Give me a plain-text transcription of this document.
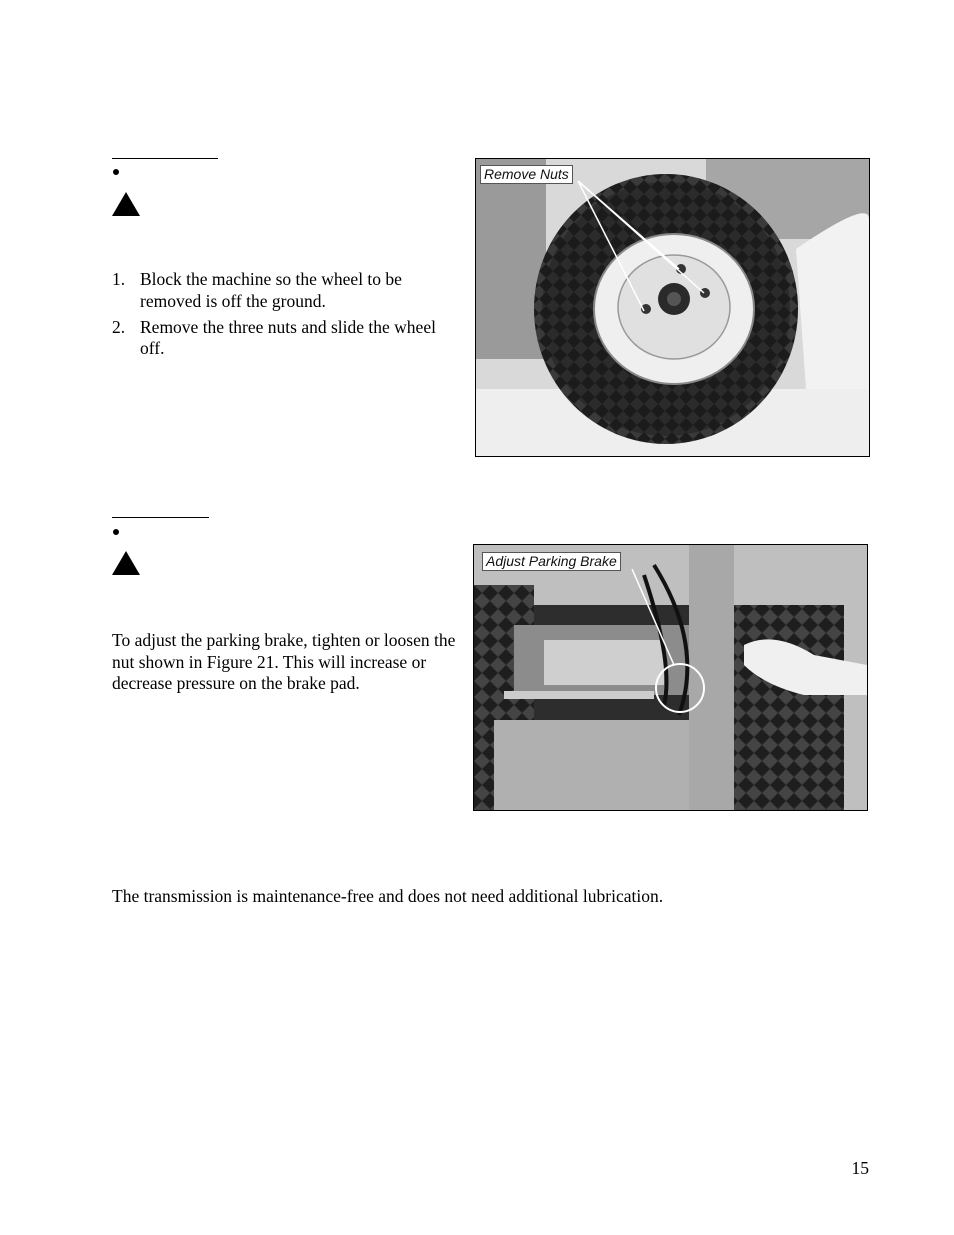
1. Block the machine so the wheel to be removed is off the ground.
2. Remove the three nuts and slide the wheel off.
Remove Nuts
To adjust the parking brake, tighten or loosen the nut shown in Figure 21. This will increase or decrease pressure on the brake pad.
Adjust Parking Brake
The transmission is maintenance-free and does not need additional lubrication.
15
